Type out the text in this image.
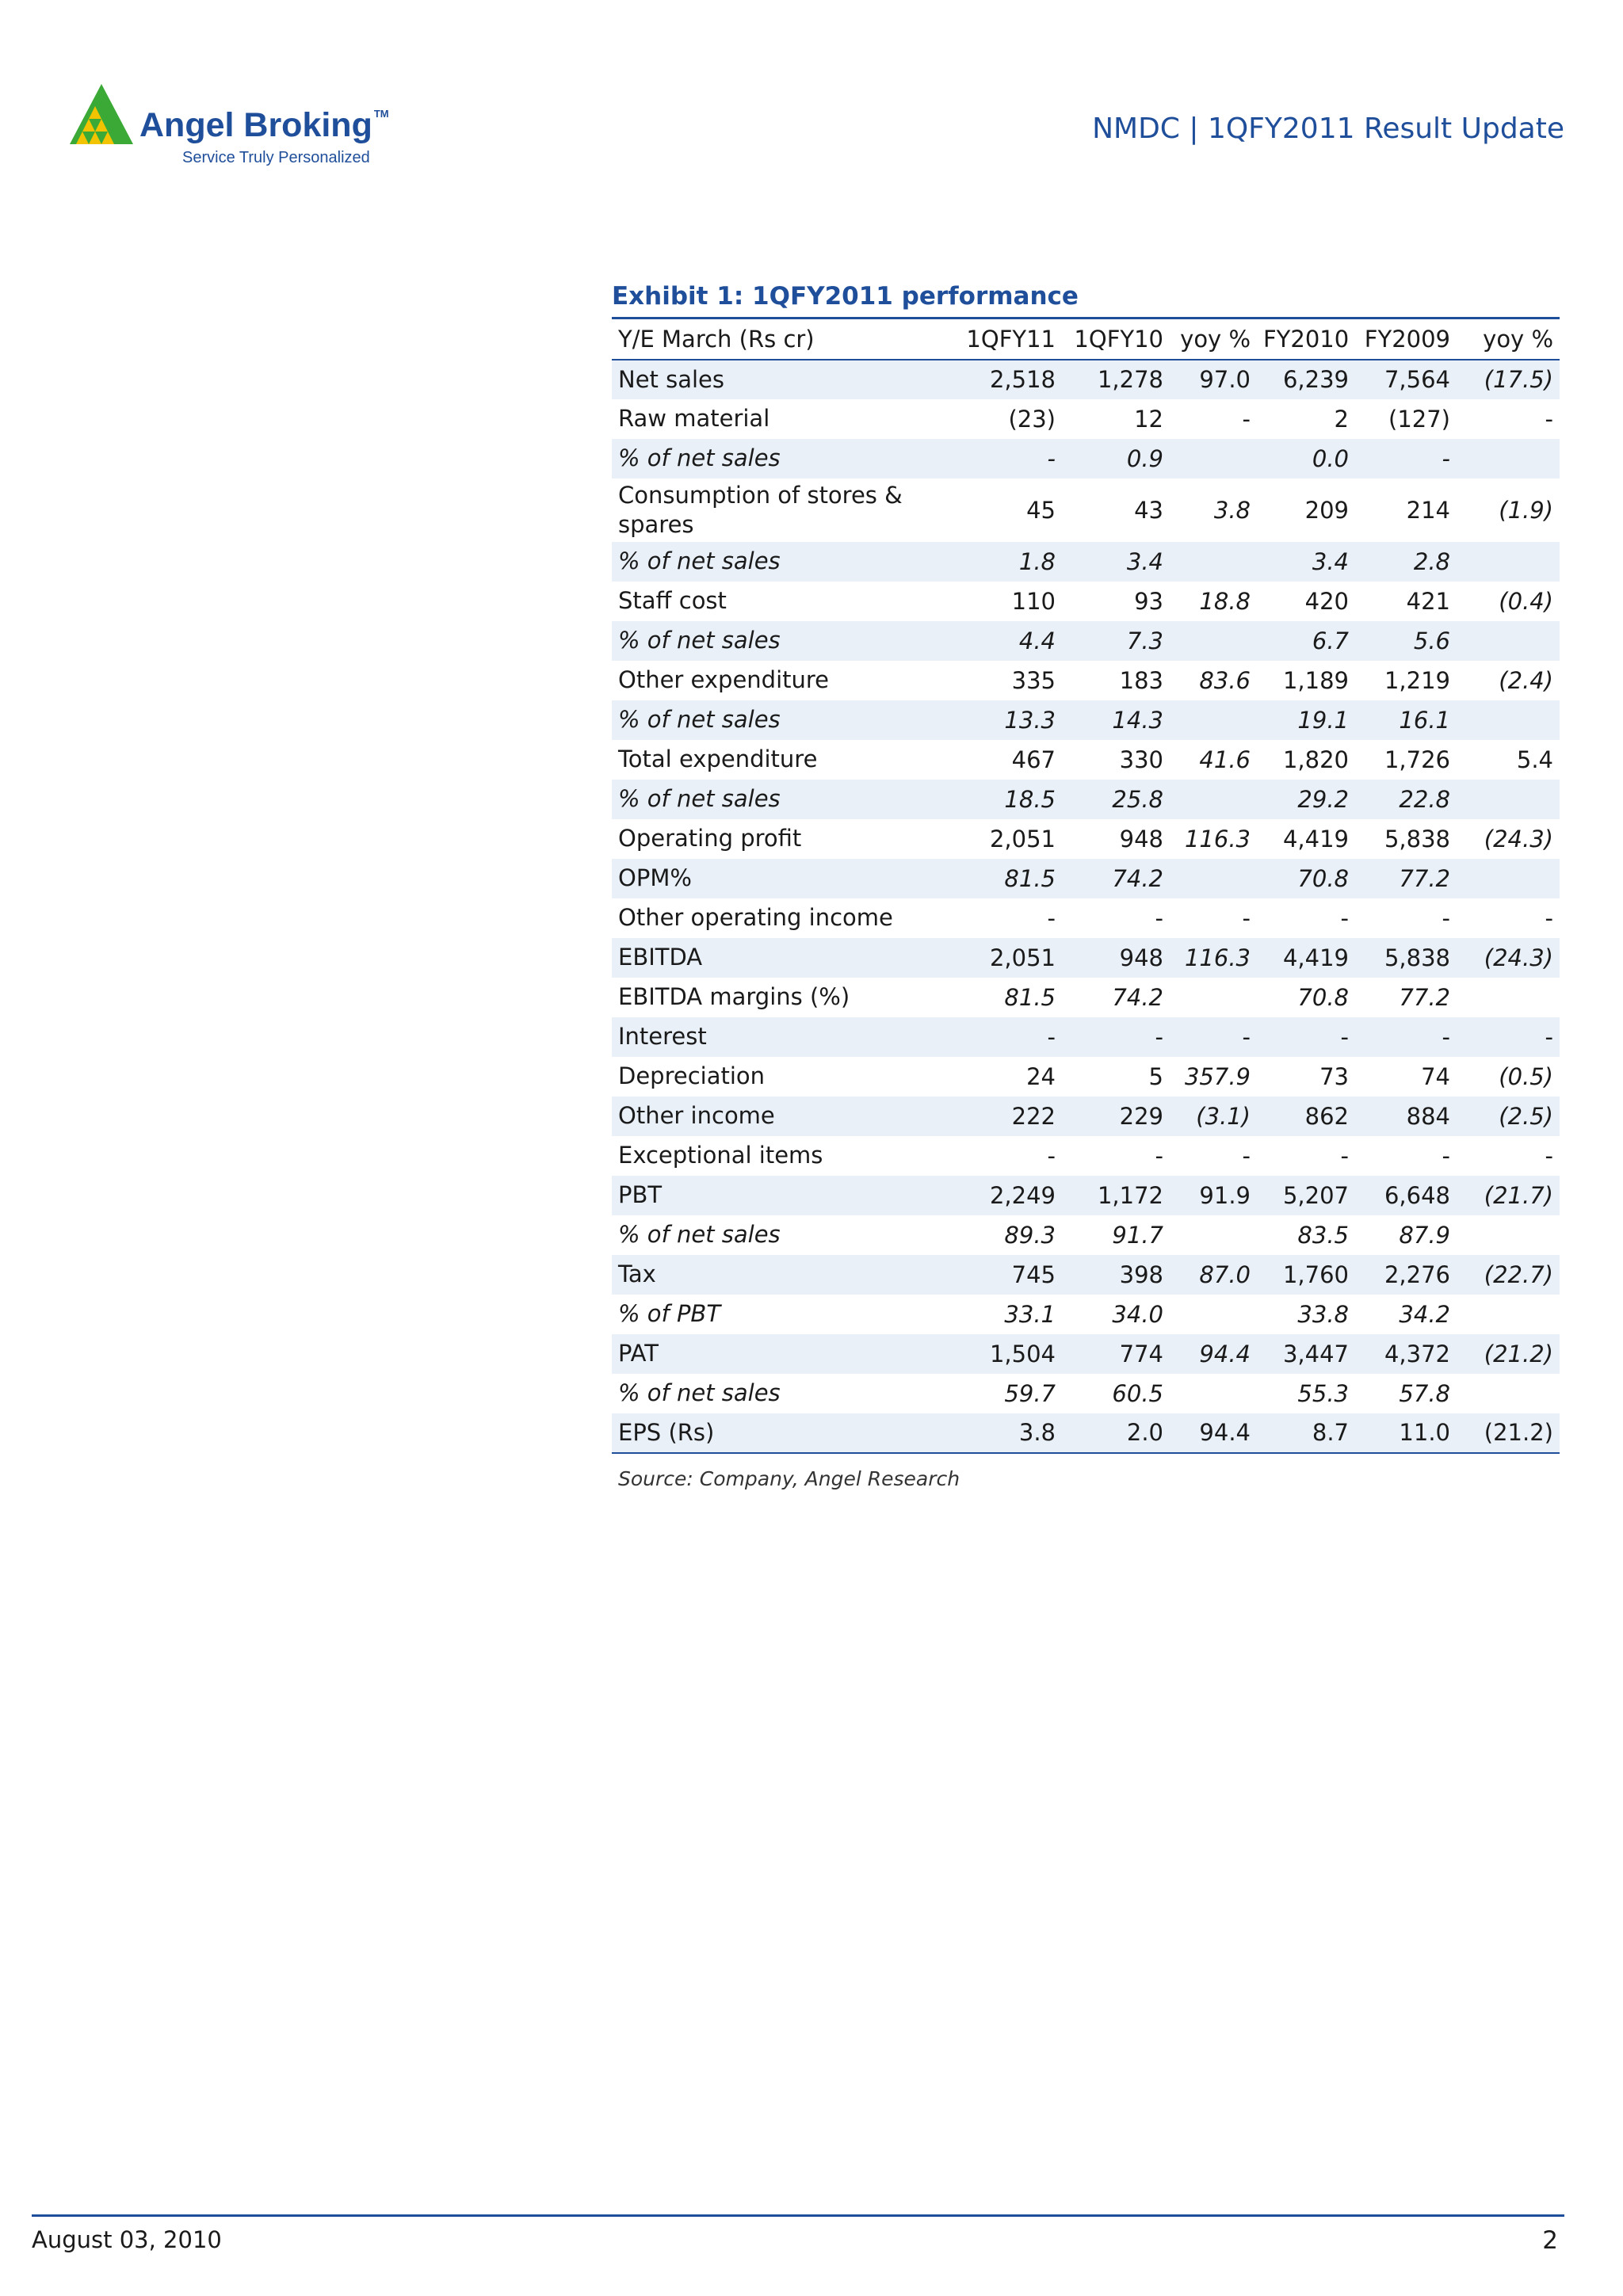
Angel Broking ™
Service Truly Personalized
NMDC | 1QFY2011 Result Update
Exhibit 1: 1QFY2011 performance
Y/E March (Rs cr)	1QFY11	1QFY10	yoy %	FY2010	FY2009	yoy %
Net sales	2,518	1,278	97.0	6,239	7,564	(17.5)
Raw material	(23)	12	-	2	(127)	-
% of net sales	-	0.9		0.0	-	
Consumption of stores & spares	45	43	3.8	209	214	(1.9)
% of net sales	1.8	3.4		3.4	2.8	
Staff cost	110	93	18.8	420	421	(0.4)
% of net sales	4.4	7.3		6.7	5.6	
Other expenditure	335	183	83.6	1,189	1,219	(2.4)
% of net sales	13.3	14.3		19.1	16.1	
Total expenditure	467	330	41.6	1,820	1,726	5.4
% of net sales	18.5	25.8		29.2	22.8	
Operating profit	2,051	948	116.3	4,419	5,838	(24.3)
OPM%	81.5	74.2		70.8	77.2	
Other operating income	-	-	-	-	-	-
EBITDA	2,051	948	116.3	4,419	5,838	(24.3)
EBITDA margins (%)	81.5	74.2		70.8	77.2	
Interest	-	-	-	-	-	-
Depreciation	24	5	357.9	73	74	(0.5)
Other income	222	229	(3.1)	862	884	(2.5)
Exceptional items	-	-	-	-	-	-
PBT	2,249	1,172	91.9	5,207	6,648	(21.7)
% of net sales	89.3	91.7		83.5	87.9	
Tax	745	398	87.0	1,760	2,276	(22.7)
% of PBT	33.1	34.0		33.8	34.2	
PAT	1,504	774	94.4	3,447	4,372	(21.2)
% of net sales	59.7	60.5		55.3	57.8	
EPS (Rs)	3.8	2.0	94.4	8.7	11.0	(21.2)
Source: Company, Angel Research
August 03, 2010	2
